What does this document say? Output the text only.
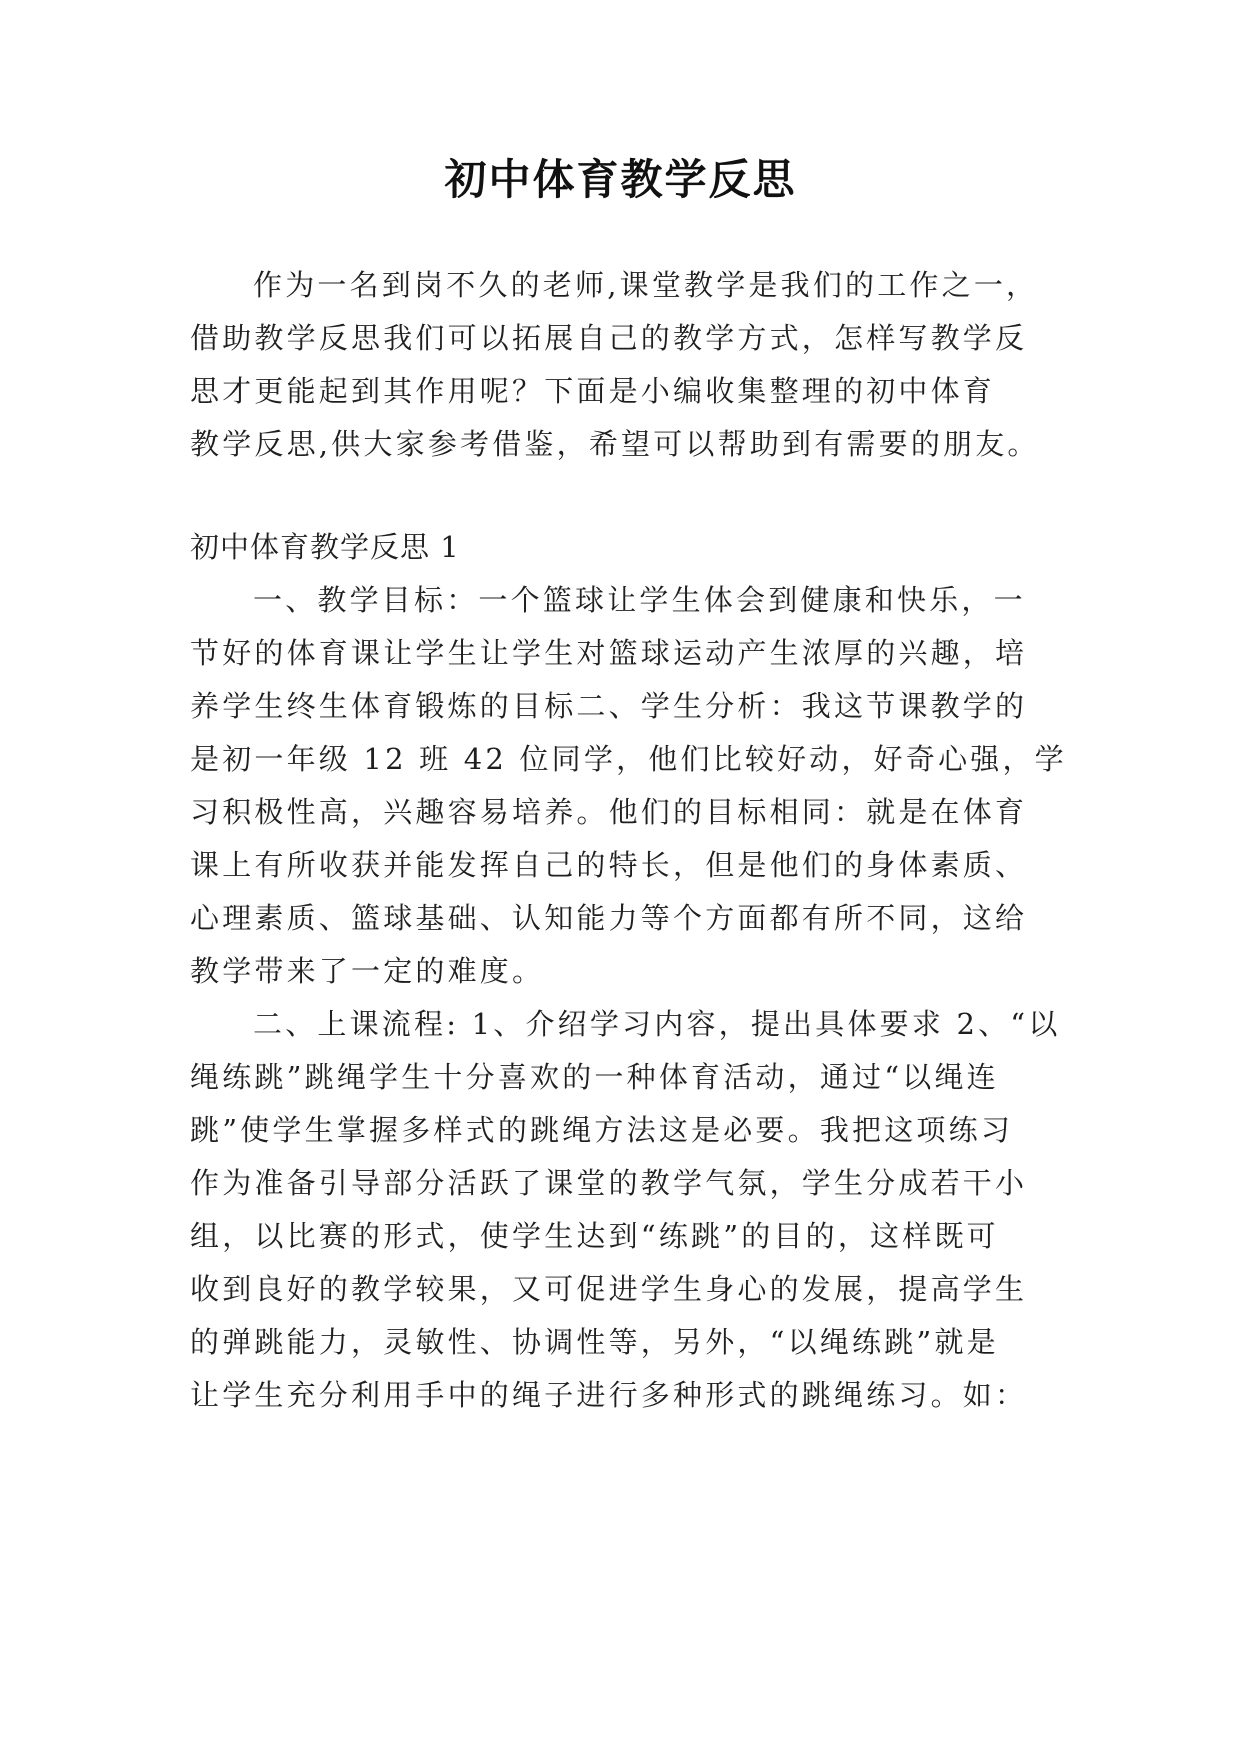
初中体育教学反思

作为一名到岗不久的老师,课堂教学是我们的工作之一，

借助教学反思我们可以拓展自己的教学方式，怎样写教学反

思才更能起到其作用呢？下面是小编收集整理的初中体育

教学反思,供大家参考借鉴，希望可以帮助到有需要的朋友。

初中体育教学反思 1

一、教学目标：一个篮球让学生体会到健康和快乐，一

节好的体育课让学生让学生对篮球运动产生浓厚的兴趣，培

养学生终生体育锻炼的目标二、学生分析：我这节课教学的

是初一年级 12 班 42 位同学，他们比较好动，好奇心强，学

习积极性高，兴趣容易培养。他们的目标相同：就是在体育

课上有所收获并能发挥自己的特长，但是他们的身体素质、

心理素质、篮球基础、认知能力等个方面都有所不同，这给

教学带来了一定的难度。

二、上课流程: 1、介绍学习内容，提出具体要求 2、“以

绳练跳”跳绳学生十分喜欢的一种体育活动，通过“以绳连

跳”使学生掌握多样式的跳绳方法这是必要。我把这项练习

作为准备引导部分活跃了课堂的教学气氛，学生分成若干小

组，以比赛的形式，使学生达到“练跳”的目的，这样既可

收到良好的教学较果，又可促进学生身心的发展，提高学生

的弹跳能力，灵敏性、协调性等，另外，“以绳练跳”就是

让学生充分利用手中的绳子进行多种形式的跳绳练习。如：
